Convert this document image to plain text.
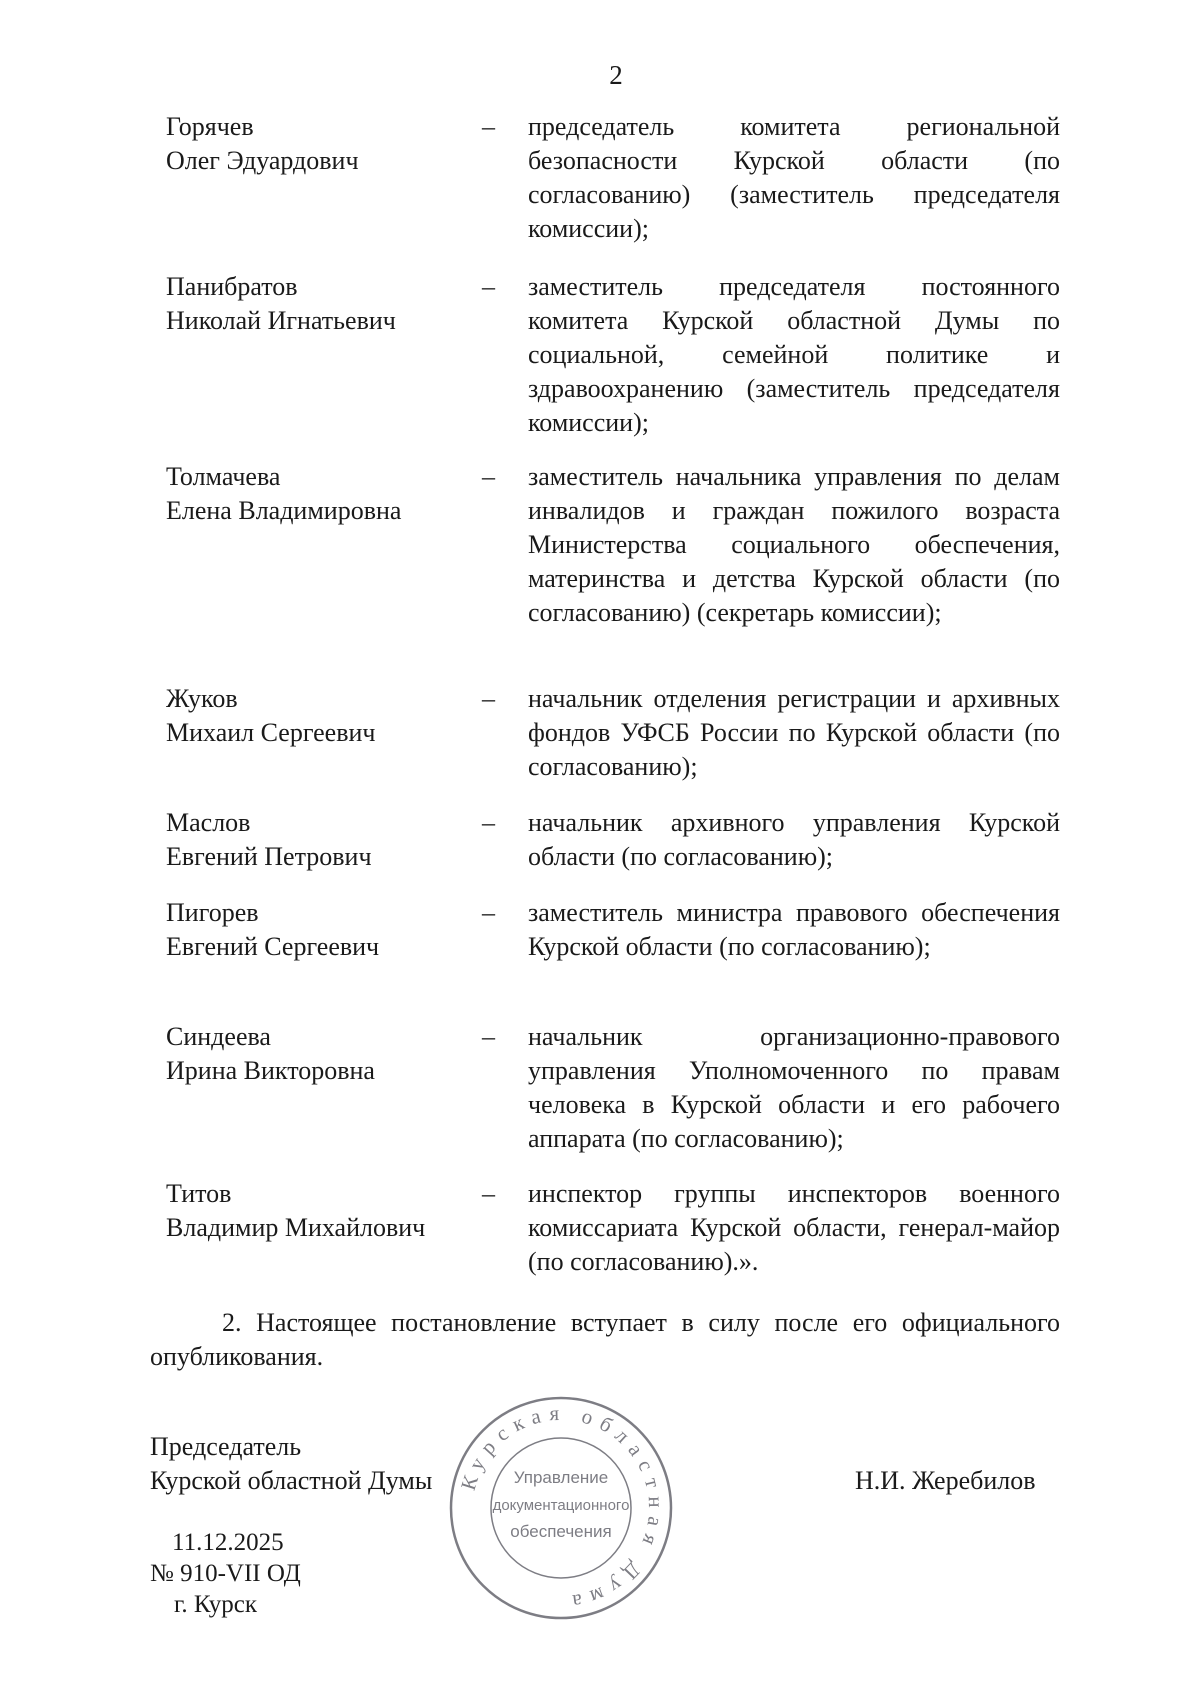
2
Горячев
Олег Эдуардович
– председатель комитета региональной безопасности Курской области (по согласованию) (заместитель председателя комиссии);
Панибратов
Николай Игнатьевич
– заместитель председателя постоянного комитета Курской областной Думы по социальной, семейной политике и здравоохранению (заместитель председателя комиссии);
Толмачева
Елена Владимировна
– заместитель начальника управления по делам инвалидов и граждан пожилого возраста Министерства социального обеспечения, материнства и детства Курской области (по согласованию) (секретарь комиссии);
Жуков
Михаил Сергеевич
– начальник отделения регистрации и архивных фондов УФСБ России по Курской области (по согласованию);
Маслов
Евгений Петрович
– начальник архивного управления Курской области (по согласованию);
Пигорев
Евгений Сергеевич
– заместитель министра правового обеспечения Курской области (по согласованию);
Синдеева
Ирина Викторовна
– начальник организационно-правового управления Уполномоченного по правам человека в Курской области и его рабочего аппарата (по согласованию);
Титов
Владимир Михайлович
– инспектор группы инспекторов военного комиссариата Курской области, генерал-майор (по согласованию).».
2. Настоящее постановление вступает в силу после его официального опубликования.
Председатель
Курской областной Думы	Н.И. Жеребилов
11.12.2025
№ 910-VII ОД
г. Курск
Курская областная Дума
Управление
документационного
обеспечения
